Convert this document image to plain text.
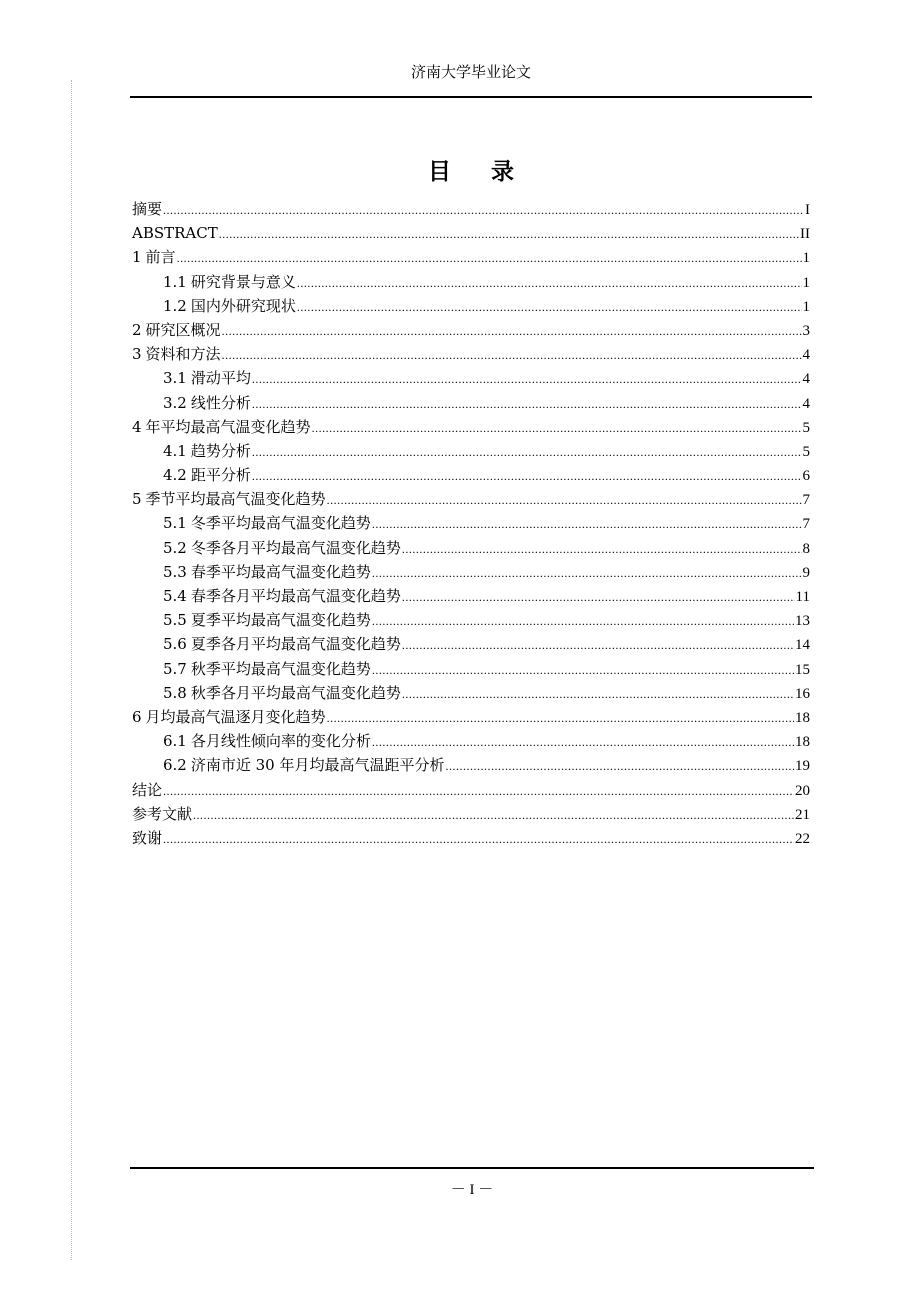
济南大学毕业论文
目录
摘要 .....	I
ABSTRACT .....	II
1 前言 .....	1
1.1 研究背景与意义 .....	1
1.2 国内外研究现状 .....	1
2 研究区概况 .....	3
3 资料和方法 .....	4
3.1 滑动平均 .....	4
3.2 线性分析 .....	4
4 年平均最高气温变化趋势 .....	5
4.1 趋势分析 .....	5
4.2 距平分析 .....	6
5 季节平均最高气温变化趋势 .....	7
5.1 冬季平均最高气温变化趋势 .....	7
5.2 冬季各月平均最高气温变化趋势 .....	8
5.3 春季平均最高气温变化趋势 .....	9
5.4 春季各月平均最高气温变化趋势 .....	11
5.5 夏季平均最高气温变化趋势 .....	13
5.6 夏季各月平均最高气温变化趋势 .....	14
5.7 秋季平均最高气温变化趋势 .....	15
5.8 秋季各月平均最高气温变化趋势 .....	16
6 月均最高气温逐月变化趋势 .....	18
6.1 各月线性倾向率的变化分析 .....	18
6.2 济南市近 30 年月均最高气温距平分析 .....	19
结论 .....	20
参考文献 .....	21
致谢 .....	22
－ I －
